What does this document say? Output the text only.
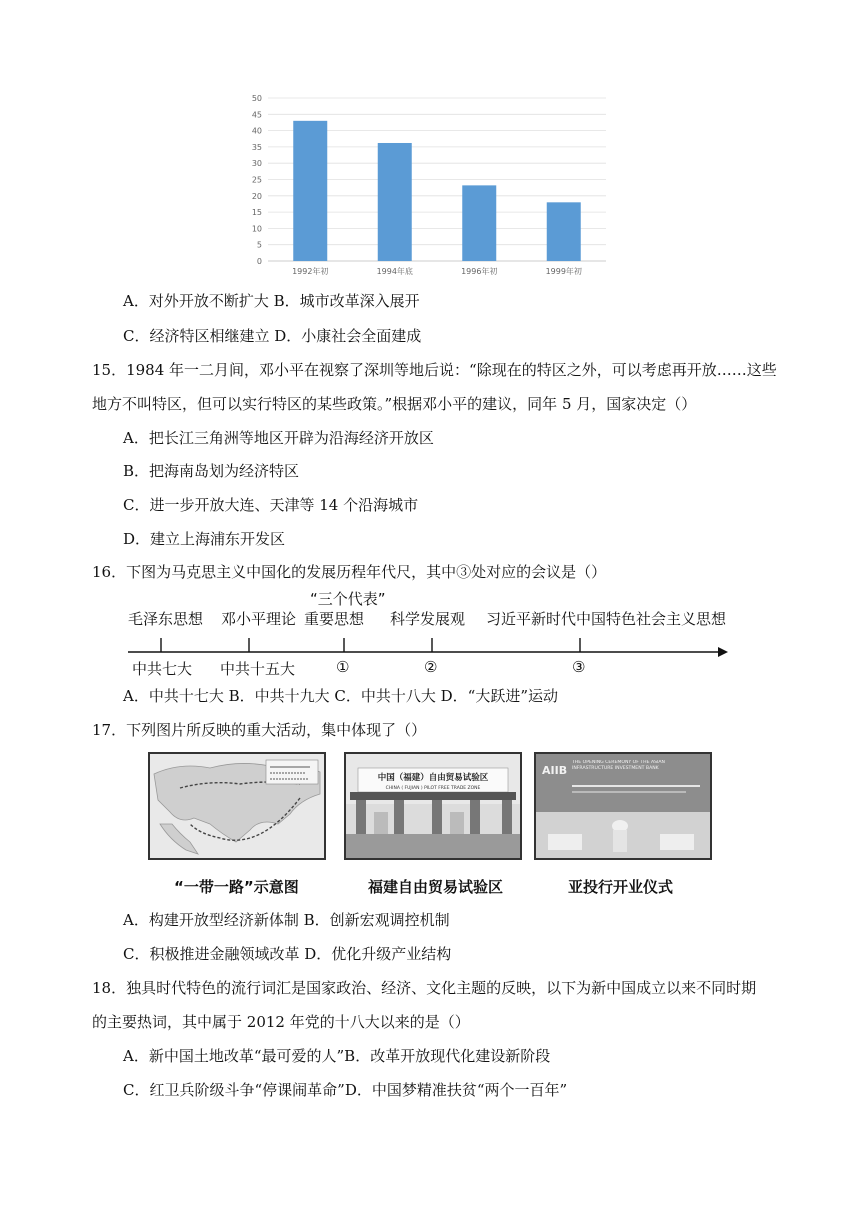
0
5
10
15
20
25
30
35
40
45
50
1992年初	1994年底	1996年初	1999年初
A．对外开放不断扩大 B．城市改革深入展开
C．经济特区相继建立 D．小康社会全面建成
15．1984 年一二月间，邓小平在视察了深圳等地后说：“除现在的特区之外，可以考虑再开放……这些
地方不叫特区，但可以实行特区的某些政策。”根据邓小平的建议，同年 5 月，国家决定（）
A．把长江三角洲等地区开辟为沿海经济开放区
B．把海南岛划为经济特区
C．进一步开放大连、天津等 14 个沿海城市
D．建立上海浦东开发区
16．下图为马克思主义中国化的发展历程年代尺，其中③处对应的会议是（）
毛泽东思想 邓小平理论
“三个代表”
重要思想 科学发展观 习近平新时代中国特色社会主义思想
中共七大 中共十五大	①	②	③
A．中共十七大 B．中共十九大 C．中共十八大 D．“大跃进”运动
17．下列图片所反映的重大活动，集中体现了（）
中国（福建）自由贸易试验区
CHINA ( FUJIAN ) PILOT FREE TRADE ZONE
AIIB
THE OPENING CEREMONY OF THE ASIAN INFRASTRUCTURE INVESTMENT BANK
“一带一路”示意图	福建自由贸易试验区	亚投行开业仪式
A．构建开放型经济新体制 B．创新宏观调控机制
C．积极推进金融领域改革 D．优化升级产业结构
18．独具时代特色的流行词汇是国家政治、经济、文化主题的反映，以下为新中国成立以来不同时期
的主要热词，其中属于 2012 年党的十八大以来的是（）
A．新中国土地改革“最可爱的人”B．改革开放现代化建设新阶段
C．红卫兵阶级斗争“停课闹革命”D．中国梦精准扶贫“两个一百年”
